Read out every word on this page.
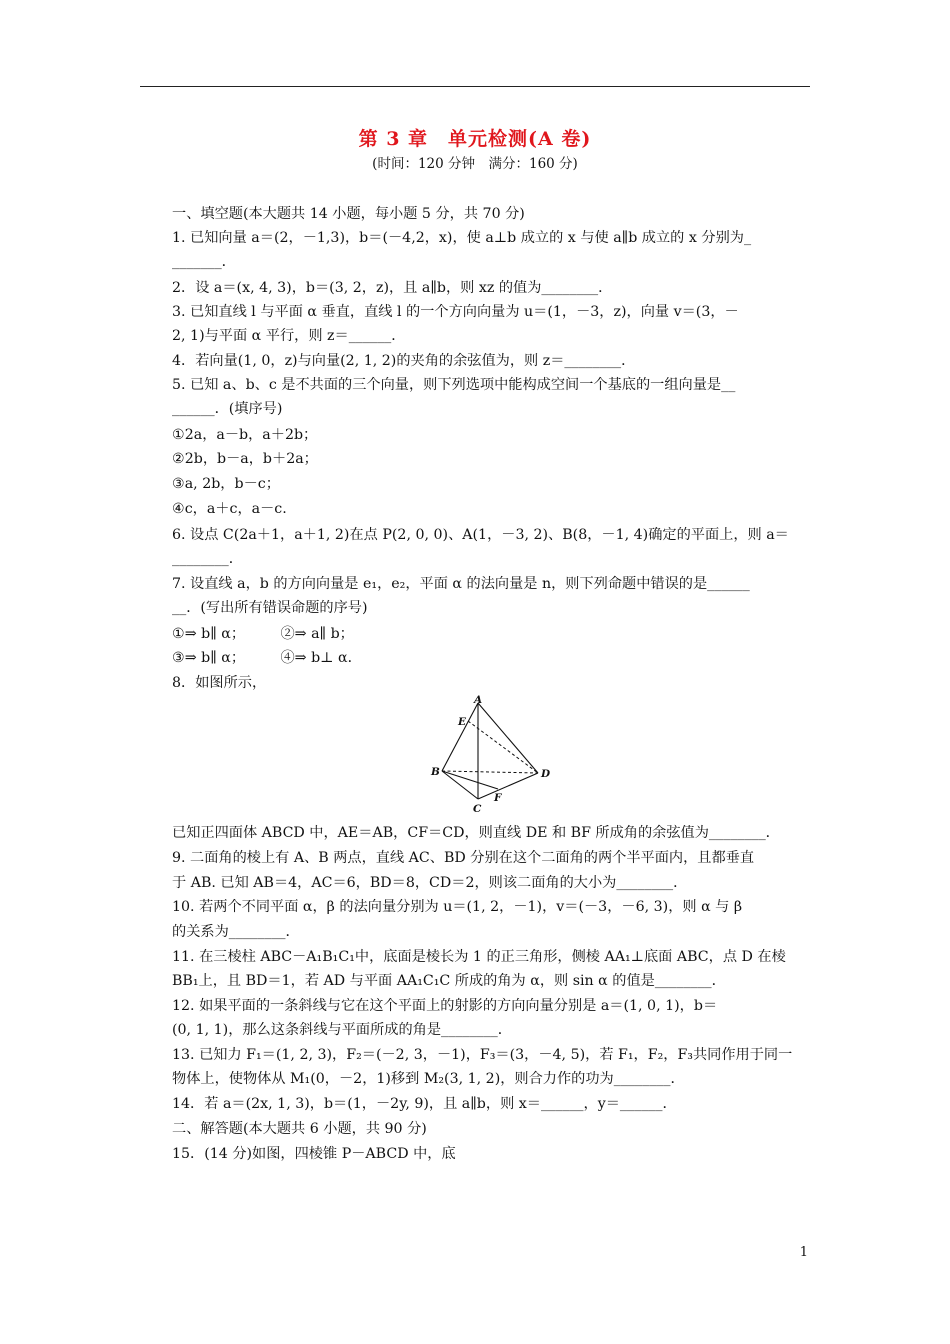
第 3 章　单元检测(A 卷)
(时间：120 分钟　满分：160 分)
一、填空题(本大题共 14 小题，每小题 5 分，共 70 分)
1. 已知向量 a＝(2，－1,3)，b＝(－4,2，x)，使 a⊥b 成立的 x 与使 a∥b 成立的 x 分别为_
_______．
2．设 a＝(x, 4, 3)，b＝(3, 2，z)，且 a∥b，则 xz 的值为________．
3. 已知直线 l 与平面 α 垂直，直线 l 的一个方向向量为 u＝(1，－3，z)，向量 v＝(3，－
2, 1)与平面 α 平行，则 z＝______．
4．若向量(1, 0，z)与向量(2, 1, 2)的夹角的余弦值为，则 z＝________．
5. 已知 a、b、c 是不共面的三个向量，则下列选项中能构成空间一个基底的一组向量是__
______．(填序号)
①2a，a－b，a＋2b；
②2b，b－a，b＋2a；
③a, 2b，b－c；
④c，a＋c，a－c.
6. 设点 C(2a＋1，a＋1, 2)在点 P(2, 0, 0)、A(1，－3, 2)、B(8，－1, 4)确定的平面上，则 a＝
________．
7. 设直线 a，b 的方向向量是 e₁，e₂，平面 α 的法向量是 n，则下列命题中错误的是______
__．(写出所有错误命题的序号)
①⇒ b∥ α；　　　②⇒ a∥ b；
③⇒ b∥ α；　　　④⇒ b⊥ α．
8．如图所示，
已知正四面体 ABCD 中，AE＝AB，CF＝CD，则直线 DE 和 BF 所成角的余弦值为________．
9. 二面角的棱上有 A、B 两点，直线 AC、BD 分别在这个二面角的两个半平面内，且都垂直
于 AB. 已知 AB＝4，AC＝6，BD＝8，CD＝2，则该二面角的大小为________．
10. 若两个不同平面 α，β 的法向量分别为 u＝(1, 2，－1)，v＝(－3，－6, 3)，则 α 与 β
的关系为________．
11. 在三棱柱 ABC－A₁B₁C₁中，底面是棱长为 1 的正三角形，侧棱 AA₁⊥底面 ABC，点 D 在棱
BB₁上，且 BD＝1，若 AD 与平面 AA₁C₁C 所成的角为 α，则 sin α 的值是________．
12. 如果平面的一条斜线与它在这个平面上的射影的方向向量分别是 a＝(1, 0, 1)，b＝
(0, 1, 1)，那么这条斜线与平面所成的角是________．
13. 已知力 F₁＝(1, 2, 3)，F₂＝(－2, 3，－1)，F₃＝(3，－4, 5)，若 F₁，F₂，F₃共同作用于同一
物体上，使物体从 M₁(0，－2，1)移到 M₂(3, 1, 2)，则合力作的功为________．
14．若 a＝(2x, 1, 3)，b＝(1，－2y, 9)，且 a∥b，则 x＝______，y＝______．
二、解答题(本大题共 6 小题，共 90 分)
15．(14 分)如图，四棱锥 P－ABCD 中，底
A
E
B	D
C
F
1
